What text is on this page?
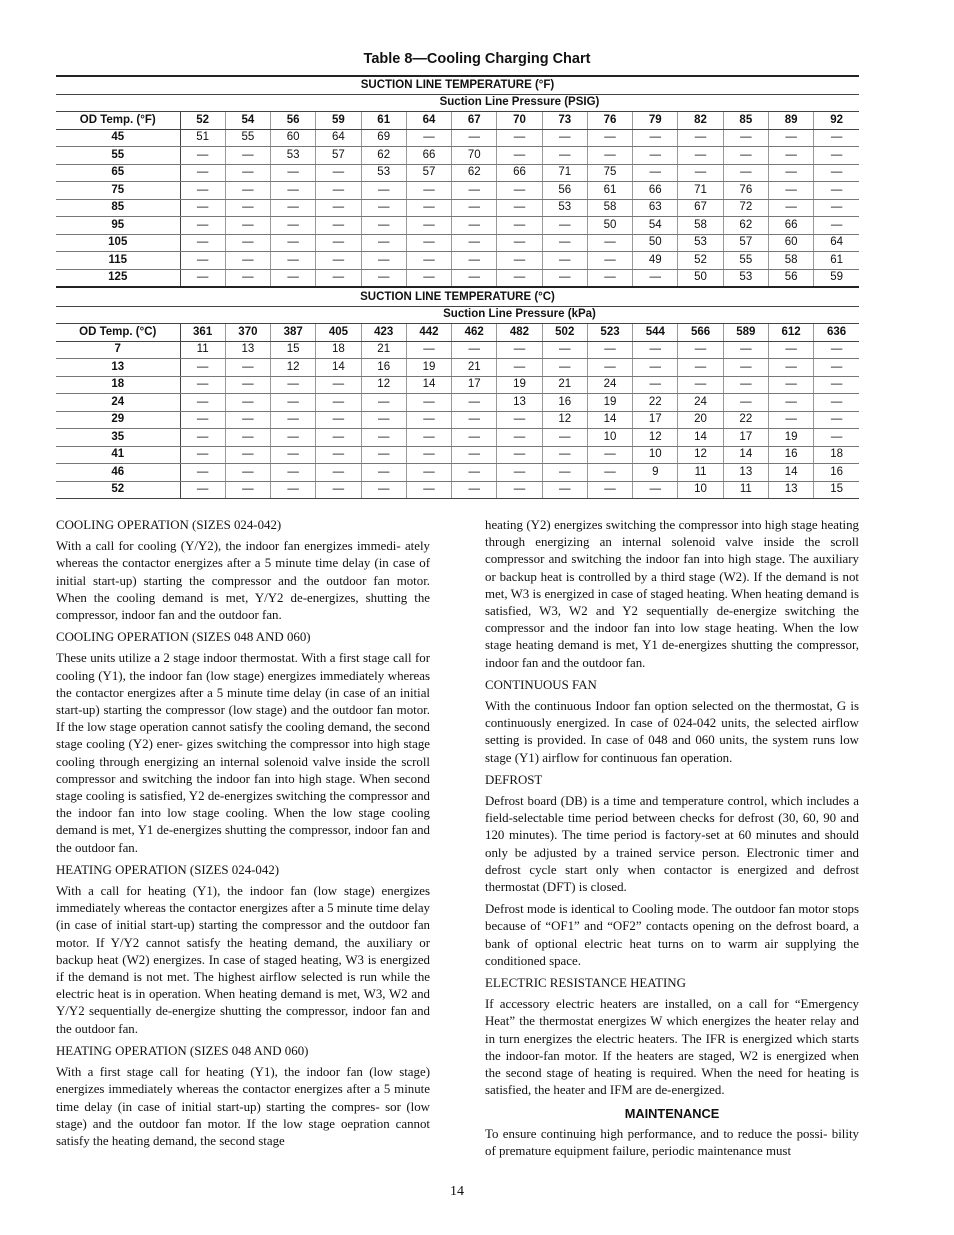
Table 8—Cooling Charging Chart
SUCTION LINE TEMPERATURE (°F)															
	Suction Line Pressure (PSIG)														
OD Temp. (°F)	52	54	56	59	61	64	67	70	73	76	79	82	85	89	92
45	51	55	60	64	69	—	—	—	—	—	—	—	—	—	—
55	—	—	53	57	62	66	70	—	—	—	—	—	—	—	—
65	—	—	—	—	53	57	62	66	71	75	—	—	—	—	—
75	—	—	—	—	—	—	—	—	56	61	66	71	76	—	—
85	—	—	—	—	—	—	—	—	53	58	63	67	72	—	—
95	—	—	—	—	—	—	—	—	—	50	54	58	62	66	—
105	—	—	—	—	—	—	—	—	—	—	50	53	57	60	64
115	—	—	—	—	—	—	—	—	—	—	49	52	55	58	61
125	—	—	—	—	—	—	—	—	—	—	—	50	53	56	59
SUCTION LINE TEMPERATURE (°C)															
	Suction Line Pressure (kPa)														
OD Temp. (°C)	361	370	387	405	423	442	462	482	502	523	544	566	589	612	636
7	11	13	15	18	21	—	—	—	—	—	—	—	—	—	—
13	—	—	12	14	16	19	21	—	—	—	—	—	—	—	—
18	—	—	—	—	12	14	17	19	21	24	—	—	—	—	—
24	—	—	—	—	—	—	—	13	16	19	22	24	—	—	—
29	—	—	—	—	—	—	—	—	12	14	17	20	22	—	—
35	—	—	—	—	—	—	—	—	—	10	12	14	17	19	—
41	—	—	—	—	—	—	—	—	—	—	10	12	14	16	18
46	—	—	—	—	—	—	—	—	—	—	9	11	13	14	16
52	—	—	—	—	—	—	—	—	—	—	—	10	11	13	15
COOLING OPERATION (SIZES 024-042)

With a call for cooling (Y/Y2), the indoor fan energizes immedi- ately whereas the contactor energizes after a 5 minute time delay (in case of initial start-up) starting the compressor and the outdoor fan motor. When the cooling demand is met, Y/Y2 de-energizes, shutting the compressor, indoor fan and the outdoor fan.

COOLING OPERATION (SIZES 048 AND 060)

These units utilize a 2 stage indoor thermostat. With a first stage call for cooling (Y1), the indoor fan (low stage) energizes immediately whereas the contactor energizes after a 5 minute time delay (in case of an initial start-up) starting the compressor (low stage) and the outdoor fan motor. If the low stage operation cannot satisfy the cooling demand, the second stage cooling (Y2) ener- gizes switching the compressor into high stage cooling through energizing an internal solenoid valve inside the scroll compressor and switching the indoor fan into high stage. When second stage cooling is satisfied, Y2 de-energizes switching the compressor and the indoor fan into low stage cooling. When the low stage cooling demand is met, Y1 de-energizes shutting the compressor, indoor fan and the outdoor fan.

HEATING OPERATION (SIZES 024-042)

With a call for heating (Y1), the indoor fan (low stage) energizes immediately whereas the contactor energizes after a 5 minute time delay (in case of initial start-up) starting the compressor and the outdoor fan motor. If Y/Y2 cannot satisfy the heating demand, the auxiliary or backup heat (W2) energizes. In case of staged heating, W3 is energized if the demand is not met. The highest airflow selected is run while the electric heat is in operation. When heating demand is met, W3, W2 and Y/Y2 sequentially de-energize shutting the compressor, indoor fan and the outdoor fan.

HEATING OPERATION (SIZES 048 AND 060)

With a first stage call for heating (Y1), the indoor fan (low stage) energizes immediately whereas the contactor energizes after a 5 minute time delay (in case of initial start-up) starting the compres- sor (low stage) and the outdoor fan motor. If the low stage oepration cannot satisfy the heating demand, the second stage

heating (Y2) energizes switching the compressor into high stage heating through energizing an internal solenoid valve inside the scroll compressor and switching the indoor fan into high stage. The auxiliary or backup heat is controlled by a third stage (W2). If the demand is not met, W3 is energized in case of staged heating. When heating demand is satisfied, W3, W2 and Y2 sequentially de-energize switching the compressor and the indoor fan into low stage heating. When the low stage heating demand is met, Y1 de-energizes shutting the compressor, indoor fan and the outdoor fan.

CONTINUOUS FAN

With the continuous Indoor fan option selected on the thermostat, G is continuously energized. In case of 024-042 units, the selected airflow setting is provided. In case of 048 and 060 units, the system runs low stage (Y1) airflow for continuous fan operation.

DEFROST

Defrost board (DB) is a time and temperature control, which includes a field-selectable time period between checks for defrost (30, 60, 90 and 120 minutes). The time period is factory-set at 60 minutes and should only be adjusted by a trained service person. Electronic timer and defrost cycle start only when contactor is energized and defrost thermostat (DFT) is closed.

Defrost mode is identical to Cooling mode. The outdoor fan motor stops because of “OF1” and “OF2” contacts opening on the defrost board, a bank of optional electric heat turns on to warm air supplying the conditioned space.

ELECTRIC RESISTANCE HEATING

If accessory electric heaters are installed, on a call for “Emergency Heat” the thermostat energizes W which energizes the heater relay and in turn energizes the electric heaters. The IFR is energized which starts the indoor-fan motor. If the heaters are staged, W2 is energized when the second stage of heating is required. When the need for heating is satisfied, the heater and IFM are de-energized.

MAINTENANCE

To ensure continuing high performance, and to reduce the possi- bility of premature equipment failure, periodic maintenance must

14
